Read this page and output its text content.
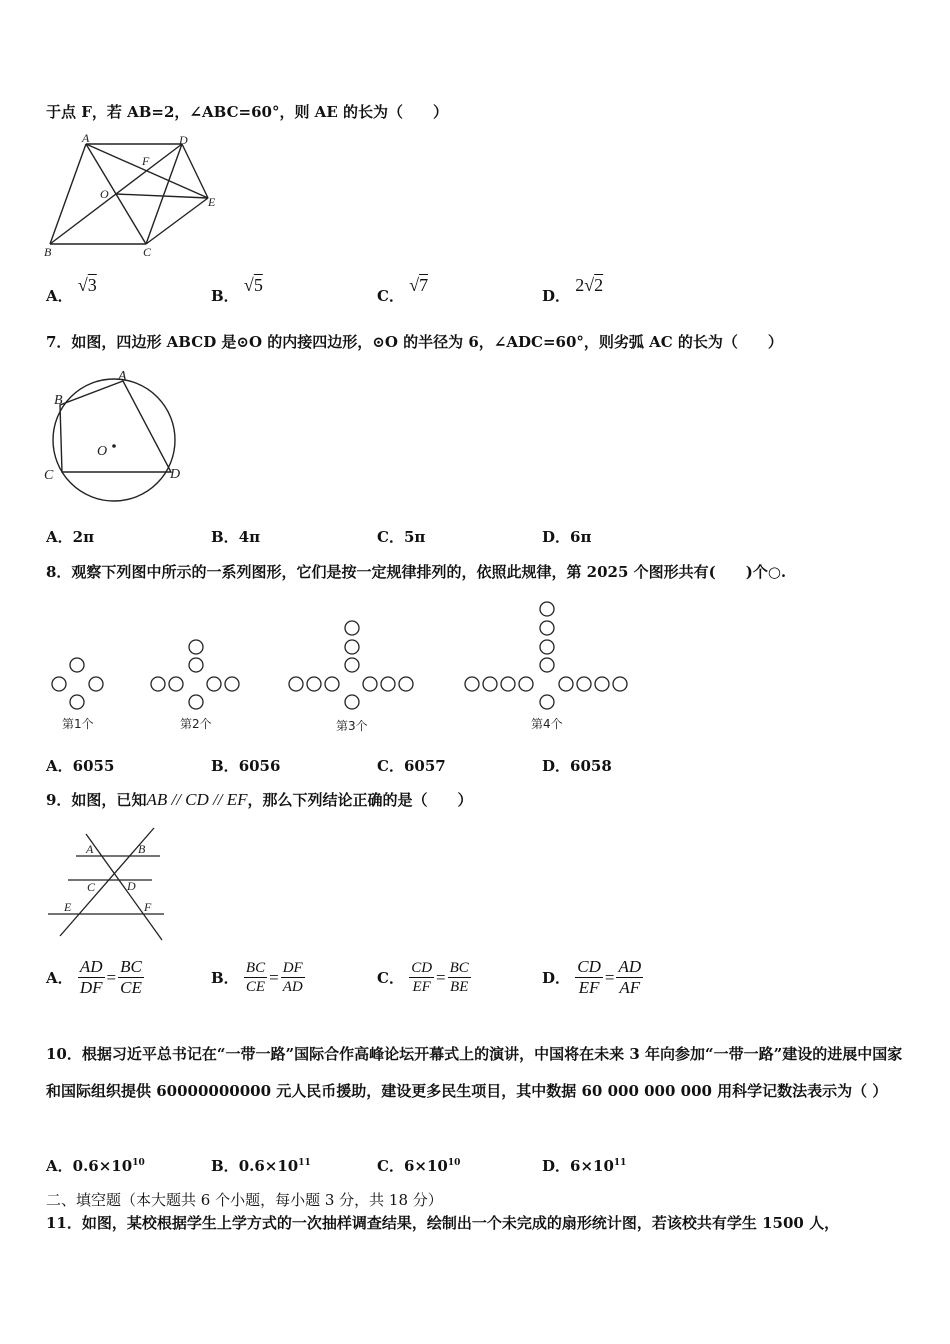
于点 F，若 AB=2，∠ABC=60°，则 AE 的长为（　　）
A	D
F
O
E
B	C
A． √3
B． √5
C． √7
D． 2√2
7．如图，四边形 ABCD 是⊙O 的内接四边形，⊙O 的半径为 6，∠ADC=60°，则劣弧 AC 的长为（　　）
A
B
C	D
O
A．2π	B．4π	C．5π	D．6π
8．观察下列图中所示的一系列图形，它们是按一定规律排列的，依照此规律，第 2025 个图形共有(　　)个○.
第1个	第2个	第3个	第4个
A．6055	B．6056	C．6057	D．6058
9．如图，已知AB // CD // EF，那么下列结论正确的是（　　）
A	B
C	D
E	F
A． $\frac{AD}{DF} = \frac{BC}{CE}$	B． $\frac{BC}{CE} = \frac{DF}{AD}$	C． $\frac{CD}{EF} = \frac{BC}{BE}$	D． $\frac{CD}{EF} = \frac{AD}{AF}$
10．根据习近平总书记在“一带一路”国际合作高峰论坛开幕式上的演讲，中国将在未来 3 年向参加“一带一路”建设的进展中国家和国际组织提供 60000000000 元人民币援助，建设更多民生项目，其中数据 60 000 000 000 用科学记数法表示为（ ）
A．$0.6\times 10^{10}$	B．$0.6\times 10^{11}$	C．$6\times 10^{10}$	D．$6\times 10^{11}$
二、填空题（本大题共 6 个小题，每小题 3 分，共 18 分）
11．如图，某校根据学生上学方式的一次抽样调查结果，绘制出一个未完成的扇形统计图，若该校共有学生 1500 人，
